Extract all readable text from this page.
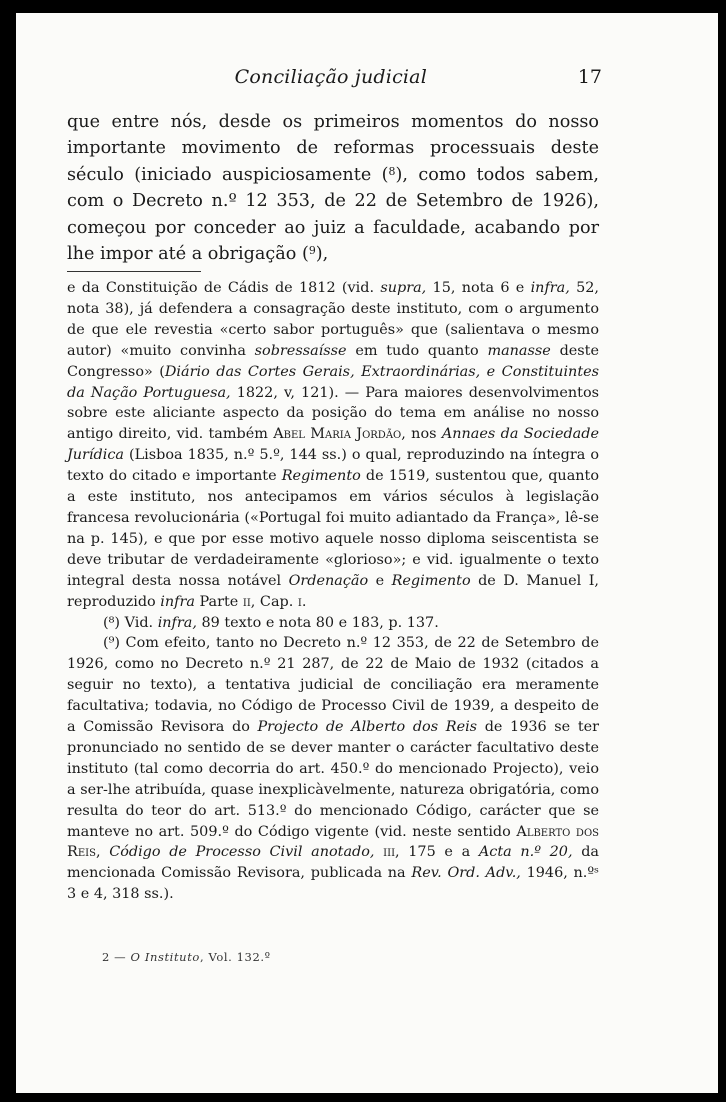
Conciliação judicial	17

que entre nós, desde os primeiros momentos do nosso importante movimento de reformas processuais deste século (iniciado auspiciosamente ($^8$), como todos sabem, com o Decreto n.º 12 353, de 22 de Setembro de 1926), começou por conceder ao juiz a faculdade, acabando por lhe impor até a obrigação ($^9$),

e da Constituição de Cádis de 1812 (vid. supra, 15, nota 6 e infra, 52, nota 38), já defendera a consagração deste instituto, com o argumento de que ele revestia «certo sabor português» que (salientava o mesmo autor) «muito convinha sobressaísse em tudo quanto manasse deste Congresso» (Diário das Cortes Gerais, Extraordinárias, e Constituintes da Nação Portuguesa, 1822, v, 121). — Para maiores desenvolvimentos sobre este aliciante aspecto da posição do tema em análise no nosso antigo direito, vid. também Abel Maria Jordão, nos Annaes da Sociedade Jurídica (Lisboa 1835, n.º 5.º, 144 ss.) o qual, reproduzindo na íntegra o texto do citado e importante Regimento de 1519, sustentou que, quanto a este instituto, nos antecipamos em vários séculos à legislação francesa revolucionária («Portugal foi muito adiantado da França», lê-se na p. 145), e que por esse motivo aquele nosso diploma seiscentista se deve tributar de verdadeiramente «glorioso»; e vid. igualmente o texto integral desta nossa notável Ordenação e Regimento de D. Manuel I, reproduzido infra Parte ii, Cap. i.

(⁸) Vid. infra, 89 texto e nota 80 e 183, p. 137.

(⁹) Com efeito, tanto no Decreto n.º 12 353, de 22 de Setembro de 1926, como no Decreto n.º 21 287, de 22 de Maio de 1932 (citados a seguir no texto), a tentativa judicial de conciliação era meramente facultativa; todavia, no Código de Processo Civil de 1939, a despeito de a Comissão Revisora do Projecto de Alberto dos Reis de 1936 se ter pronunciado no sentido de se dever manter o carácter facultativo deste instituto (tal como decorria do art. 450.º do mencionado Projecto), veio a ser-lhe atribuída, quase inexplicàvelmente, natureza obrigatória, como resulta do teor do art. 513.º do mencionado Código, carácter que se manteve no art. 509.º do Código vigente (vid. neste sentido Alberto dos Reis, Código de Processo Civil anotado, iii, 175 e a Acta n.º 20, da mencionada Comissão Revisora, publicada na Rev. Ord. Adv., 1946, n.ºˢ 3 e 4, 318 ss.).

2 — O Instituto, Vol. 132.º
